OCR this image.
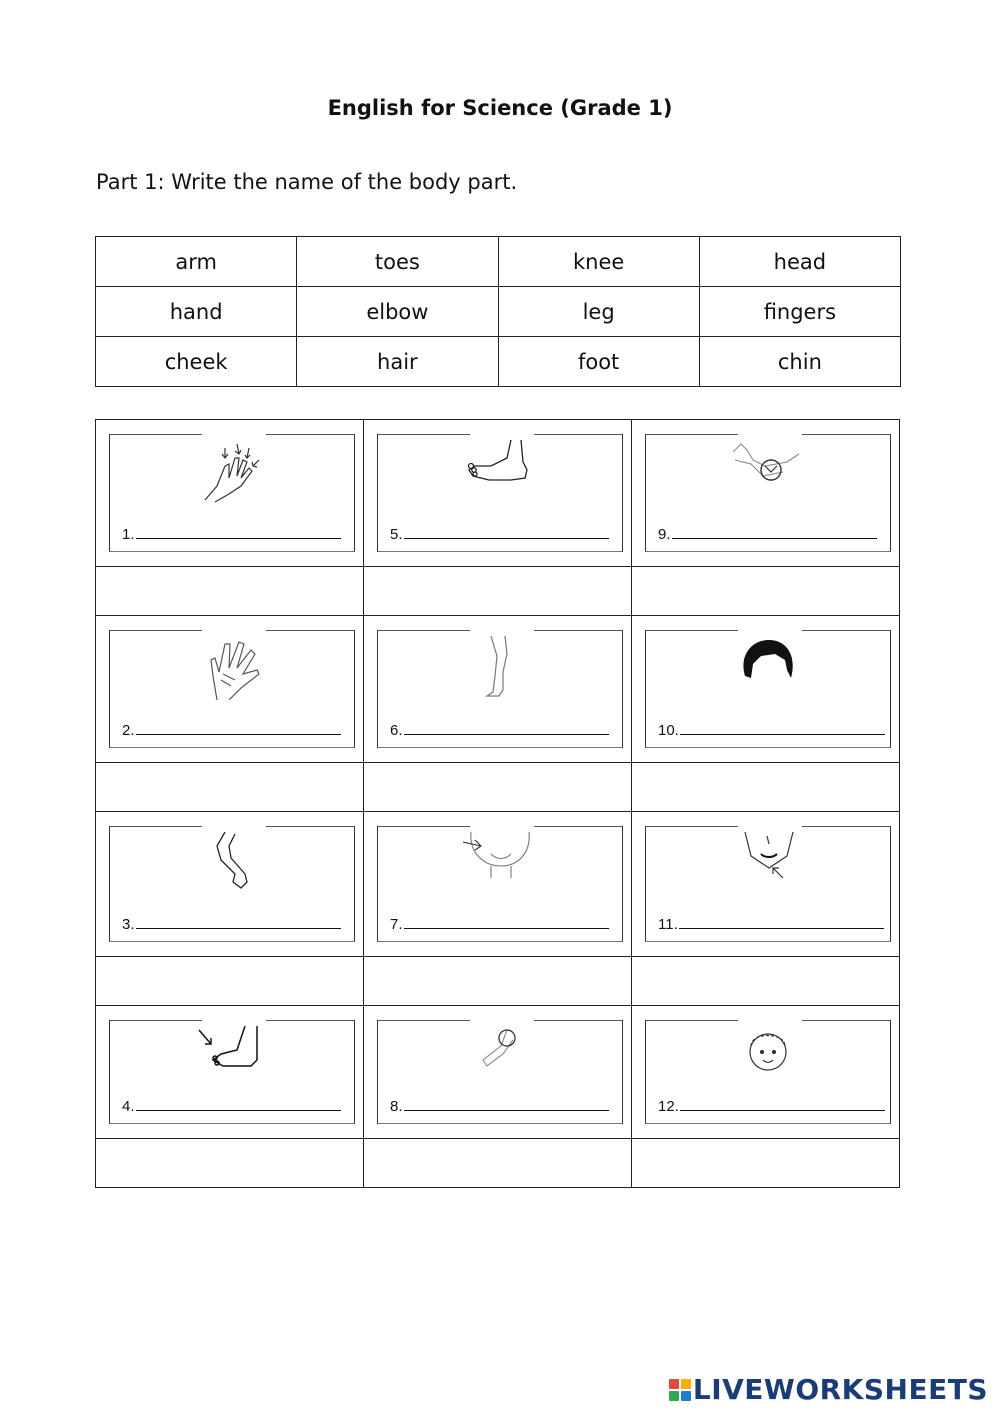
English for Science (Grade 1)
Part 1: Write the name of the body part.
arm	toes	knee	head
hand	elbow	leg	fingers
cheek	hair	foot	chin
1.	5.	9.

2.	6.	10.

3.	7.	11.

4.	8.	12.

LIVEWORKSHEETS
